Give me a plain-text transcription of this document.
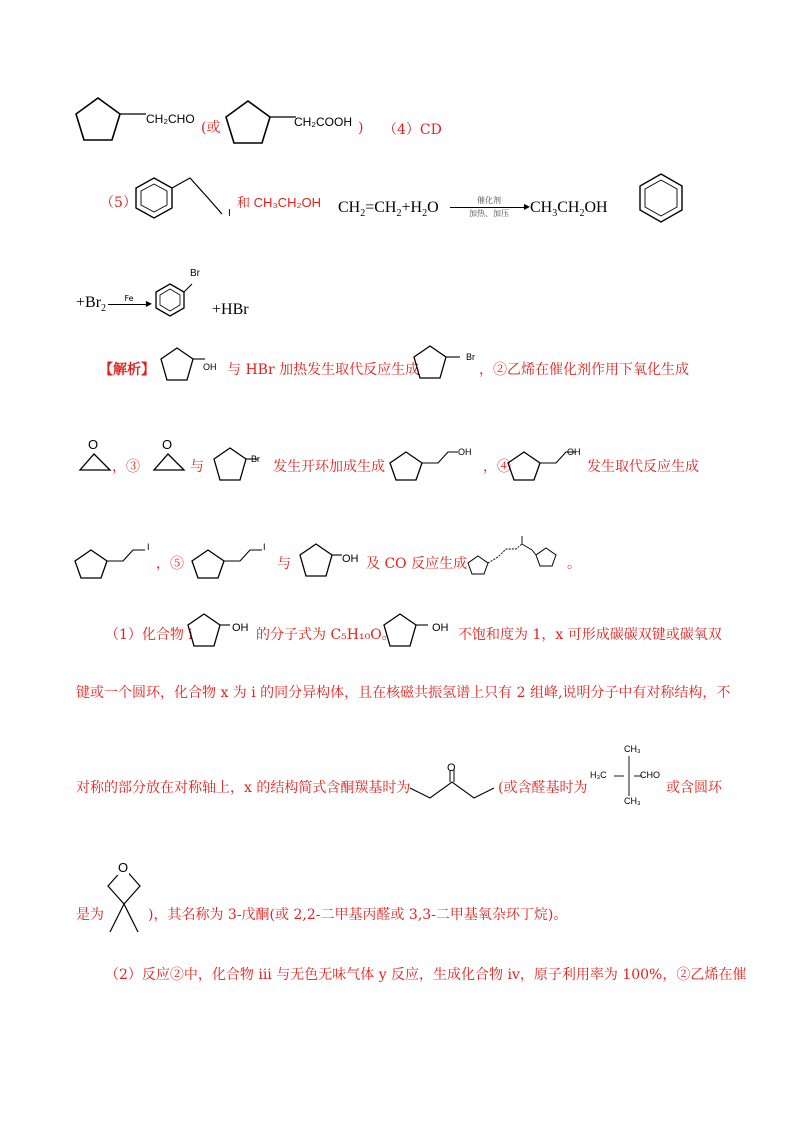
CH₂CHO
(或	CH₂COOH ) （4）CD
（5）
I
和 CH₃CH₂OH $CH_2=CH_2+H_2O$	催化剂
▶
加热、加压	$CH_3CH_2OH$
$+Br_2$
Fe
▶
Br
+HBr
【解析】	OH 与 HBr 加热发生取代反应生成
Br
，②乙烯在催化剂作用下氧化生成
O
，③
O
与	Br 发生开环加成生成
OH
，④
OH
发生取代反应生成
I
，⑤
I
与	OH 及 CO 反应生成	。
（1）化合物 i	OH 的分子式为 C₅H₁₀O。	OH 不饱和度为 1，x 可形成碳碳双键或碳氧双
键或一个圆环，化合物 x 为 i 的同分异构体，且在核磁共振氢谱上只有 2 组峰,说明分子中有对称结构，不
对称的部分放在对称轴上，x 的结构简式含酮羰基时为
O
(或含醛基时为
CH₃
H₃C	CHO
CH₃
或含圆环
O
是为	)，其名称为 3-戊酮(或 2,2-二甲基丙醛或 3,3-二甲基氧杂环丁烷)。
（2）反应②中，化合物 iii 与无色无味气体 y 反应，生成化合物 iv，原子利用率为 100%，②乙烯在催
